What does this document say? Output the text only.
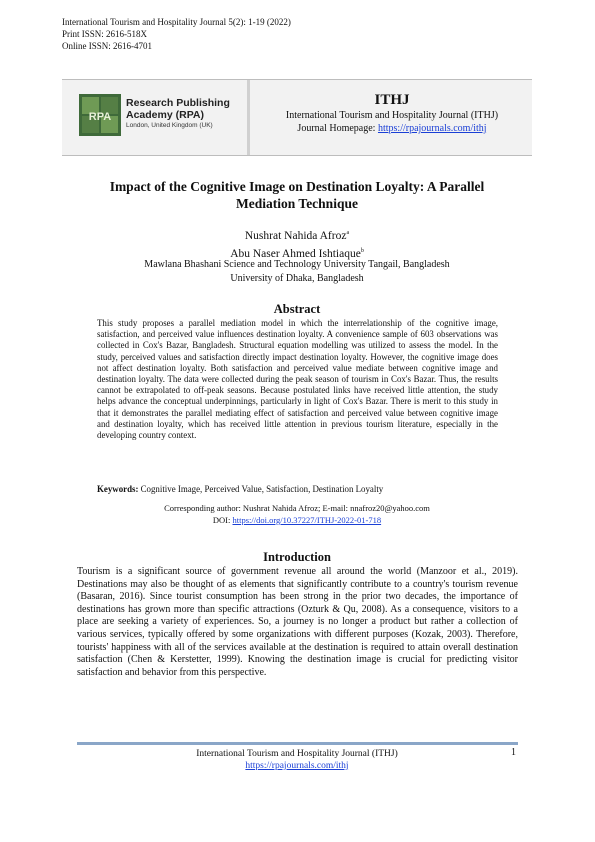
International Tourism and Hospitality Journal 5(2): 1-19 (2022)
Print ISSN: 2616-518X
Online ISSN: 2616-4701
RPA
Research Publishing
Academy (RPA)
London, United Kingdom (UK)
ITHJ
International Tourism and Hospitality Journal (ITHJ)
Journal Homepage: https://rpajournals.com/ithj
Impact of the Cognitive Image on Destination Loyalty: A Parallel
Mediation Technique
Nushrat Nahida Afroz$^a$
Abu Naser Ahmed Ishtiaque$^b$
Mawlana Bhashani Science and Technology University Tangail, Bangladesh
University of Dhaka, Bangladesh
Abstract
This study proposes a parallel mediation model in which the interrelationship of the cognitive image, satisfaction, and perceived value influences destination loyalty. A convenience sample of 603 observations was collected in Cox's Bazar, Bangladesh. Structural equation modelling was utilized to assess the model. In the study, perceived values and satisfaction directly impact destination loyalty. However, the cognitive image does not affect destination loyalty. Both satisfaction and perceived value mediate between cognitive image and destination loyalty. The data were collected during the peak season of tourism in Cox's Bazar. Thus, the results cannot be extrapolated to off-peak seasons. Because postulated links have received little attention, the study helps advance the conceptual underpinnings, particularly in light of Cox's Bazar. There is merit to this study in that it demonstrates the parallel mediating effect of satisfaction and perceived value between cognitive image and destination loyalty, which has received little attention in previous tourism literature, especially in the developing country context.
Keywords: Cognitive Image, Perceived Value, Satisfaction, Destination Loyalty
Corresponding author: Nushrat Nahida Afroz; E-mail: nnafroz20@yahoo.com
DOI: https://doi.org/10.37227/ITHJ-2022-01-718
Introduction
Tourism is a significant source of government revenue all around the world (Manzoor et al., 2019). Destinations may also be thought of as elements that significantly contribute to a country's tourism revenue (Basaran, 2016). Since tourist consumption has been strong in the prior two decades, the importance of destinations has grown more than specific attractions (Ozturk & Qu, 2008). As a consequence, visitors to a place are seeking a variety of experiences. So, a journey is no longer a product but rather a collection of various services, typically offered by some organizations with different purposes (Kozak, 2003). Therefore, tourists' happiness with all of the services available at the destination is required to attain overall destination satisfaction (Chen & Kerstetter, 1999). Knowing the destination image is crucial for predicting visitor satisfaction and behavior from this perspective.
International Tourism and Hospitality Journal (ITHJ)
https://rpajournals.com/ithj
1
